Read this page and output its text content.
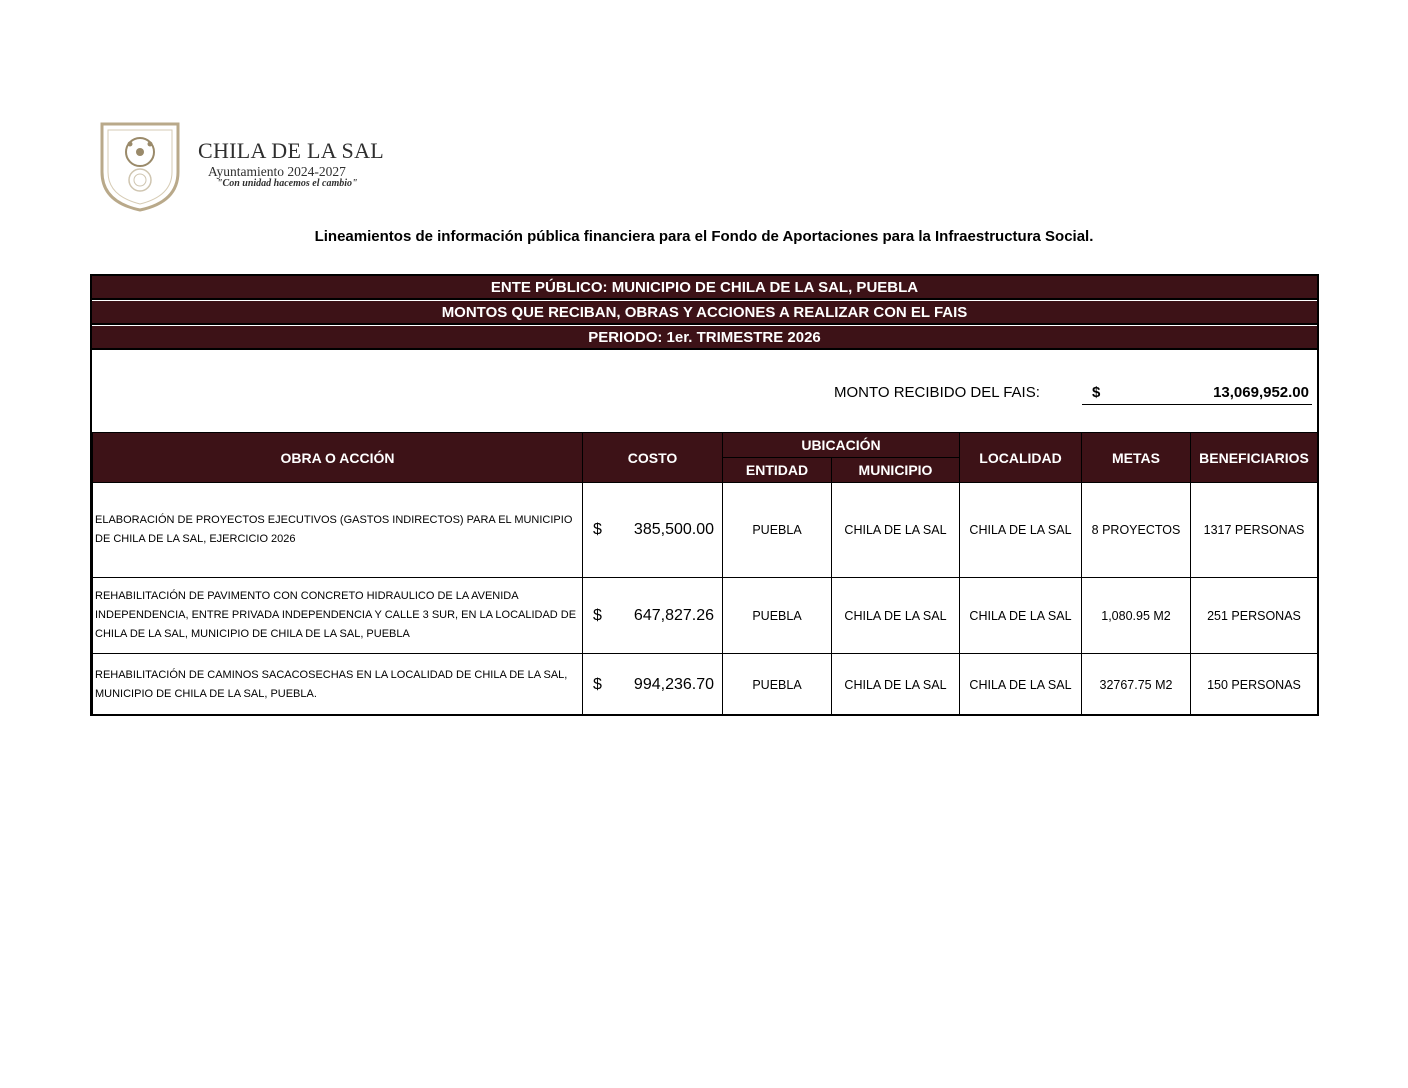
CHILA DE LA SAL
Ayuntamiento 2024-2027
"Con unidad hacemos el cambio"
Lineamientos de información pública financiera para el Fondo de Aportaciones para la Infraestructura Social.
ENTE PÚBLICO: MUNICIPIO DE CHILA DE LA SAL, PUEBLA
MONTOS QUE RECIBAN, OBRAS Y ACCIONES A REALIZAR CON EL FAIS
PERIODO: 1er. TRIMESTRE 2026
MONTO RECIBIDO DEL FAIS:	$	13,069,952.00
OBRA O ACCIÓN	COSTO	UBICACIÓN		LOCALIDAD	METAS	BENEFICIARIOS
		ENTIDAD	MUNICIPIO			
ELABORACIÓN DE PROYECTOS EJECUTIVOS (GASTOS INDIRECTOS) PARA EL MUNICIPIO DE CHILA DE LA SAL, EJERCICIO 2026	$ 385,500.00	PUEBLA	CHILA DE LA SAL	CHILA DE LA SAL	8 PROYECTOS	1317 PERSONAS
REHABILITACIÓN DE PAVIMENTO CON CONCRETO HIDRAULICO DE LA AVENIDA INDEPENDENCIA, ENTRE PRIVADA INDEPENDENCIA Y CALLE 3 SUR, EN LA LOCALIDAD DE CHILA DE LA SAL, MUNICIPIO DE CHILA DE LA SAL, PUEBLA	$ 647,827.26	PUEBLA	CHILA DE LA SAL	CHILA DE LA SAL	1,080.95 M2	251 PERSONAS
REHABILITACIÓN DE CAMINOS SACACOSECHAS EN LA LOCALIDAD DE CHILA DE LA SAL, MUNICIPIO DE CHILA DE LA SAL, PUEBLA.	$ 994,236.70	PUEBLA	CHILA DE LA SAL	CHILA DE LA SAL	32767.75 M2	150 PERSONAS
